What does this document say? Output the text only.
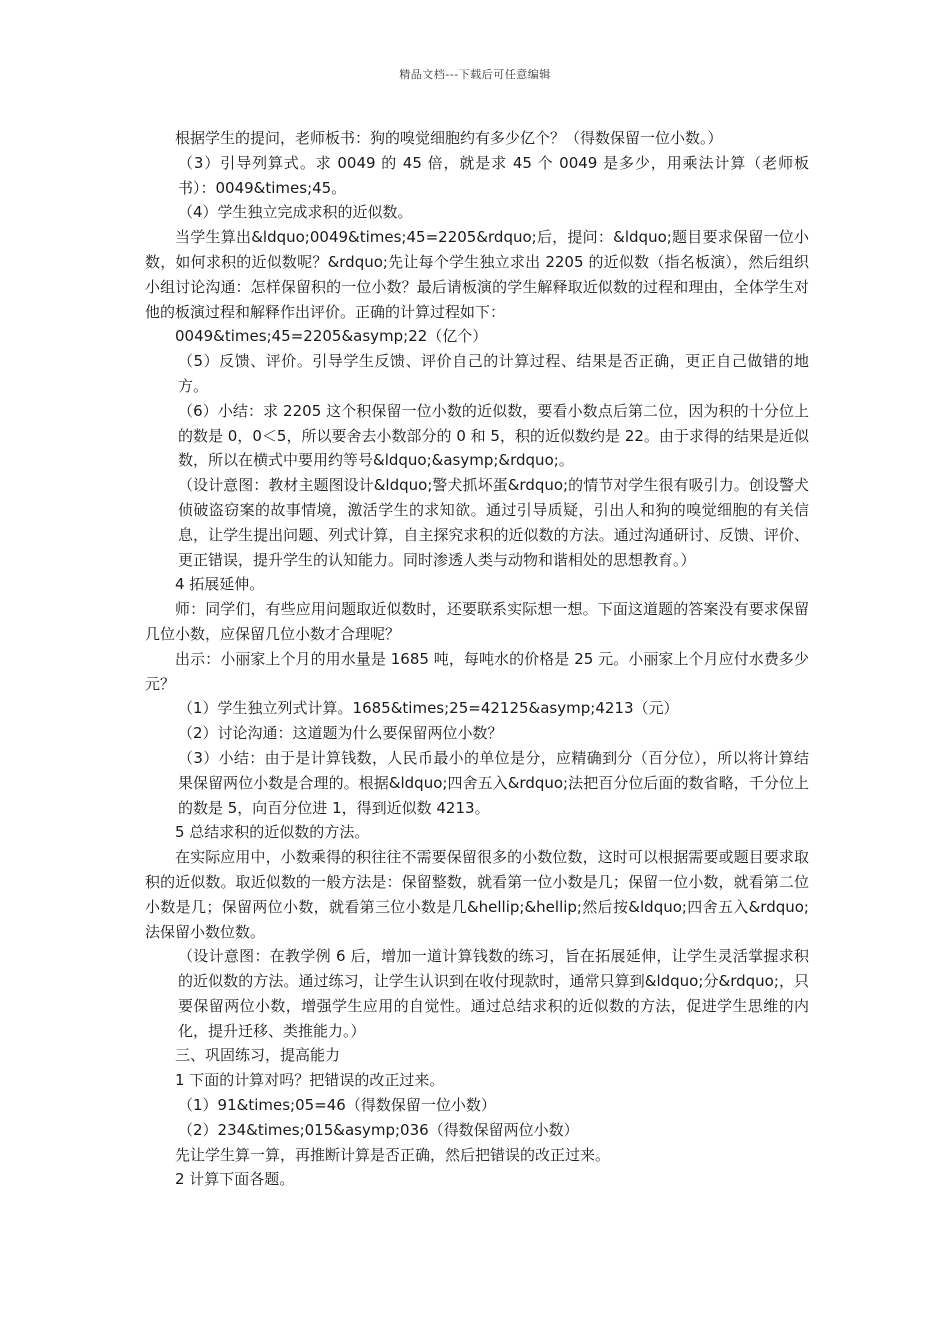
精品文档---下载后可任意编辑

根据学生的提问，老师板书：狗的嗅觉细胞约有多少亿个？（得数保留一位小数。）

（3）引导列算式。求 0049 的 45 倍，就是求 45 个 0049 是多少，用乘法计算（老师板书）：0049&times;45。

（4）学生独立完成求积的近似数。

当学生算出&ldquo;0049&times;45=2205&rdquo;后，提问：&ldquo;题目要求保留一位小数，如何求积的近似数呢？&rdquo;先让每个学生独立求出 2205 的近似数（指名板演），然后组织小组讨论沟通：怎样保留积的一位小数？最后请板演的学生解释取近似数的过程和理由，全体学生对他的板演过程和解释作出评价。正确的计算过程如下：

0049&times;45=2205&asymp;22（亿个）

（5）反馈、评价。引导学生反馈、评价自己的计算过程、结果是否正确，更正自己做错的地方。

（6）小结：求 2205 这个积保留一位小数的近似数，要看小数点后第二位，因为积的十分位上的数是 0，0＜5，所以要舍去小数部分的 0 和 5，积的近似数约是 22。由于求得的结果是近似数，所以在横式中要用约等号&ldquo;&asymp;&rdquo;。

（设计意图：教材主题图设计&ldquo;警犬抓坏蛋&rdquo;的情节对学生很有吸引力。创设警犬侦破盗窃案的故事情境，激活学生的求知欲。通过引导质疑，引出人和狗的嗅觉细胞的有关信息，让学生提出问题、列式计算，自主探究求积的近似数的方法。通过沟通研讨、反馈、评价、更正错误，提升学生的认知能力。同时渗透人类与动物和谐相处的思想教育。）

4 拓展延伸。

师：同学们，有些应用问题取近似数时，还要联系实际想一想。下面这道题的答案没有要求保留几位小数，应保留几位小数才合理呢？

出示：小丽家上个月的用水量是 1685 吨，每吨水的价格是 25 元。小丽家上个月应付水费多少元？

（1）学生独立列式计算。1685&times;25=42125&asymp;4213（元）

（2）讨论沟通：这道题为什么要保留两位小数？

（3）小结：由于是计算钱数，人民币最小的单位是分，应精确到分（百分位），所以将计算结果保留两位小数是合理的。根据&ldquo;四舍五入&rdquo;法把百分位后面的数省略，千分位上的数是 5，向百分位进 1，得到近似数 4213。

5 总结求积的近似数的方法。

在实际应用中，小数乘得的积往往不需要保留很多的小数位数，这时可以根据需要或题目要求取积的近似数。取近似数的一般方法是：保留整数，就看第一位小数是几；保留一位小数，就看第二位小数是几；保留两位小数，就看第三位小数是几&hellip;&hellip;然后按&ldquo;四舍五入&rdquo;法保留小数位数。

（设计意图：在教学例 6 后，增加一道计算钱数的练习，旨在拓展延伸，让学生灵活掌握求积的近似数的方法。通过练习，让学生认识到在收付现款时，通常只算到&ldquo;分&rdquo;，只要保留两位小数，增强学生应用的自觉性。通过总结求积的近似数的方法，促进学生思维的内化，提升迁移、类推能力。）

三、巩固练习，提高能力

1 下面的计算对吗？把错误的改正过来。

（1）91&times;05=46（得数保留一位小数）

（2）234&times;015&asymp;036（得数保留两位小数）

先让学生算一算，再推断计算是否正确，然后把错误的改正过来。

2 计算下面各题。
